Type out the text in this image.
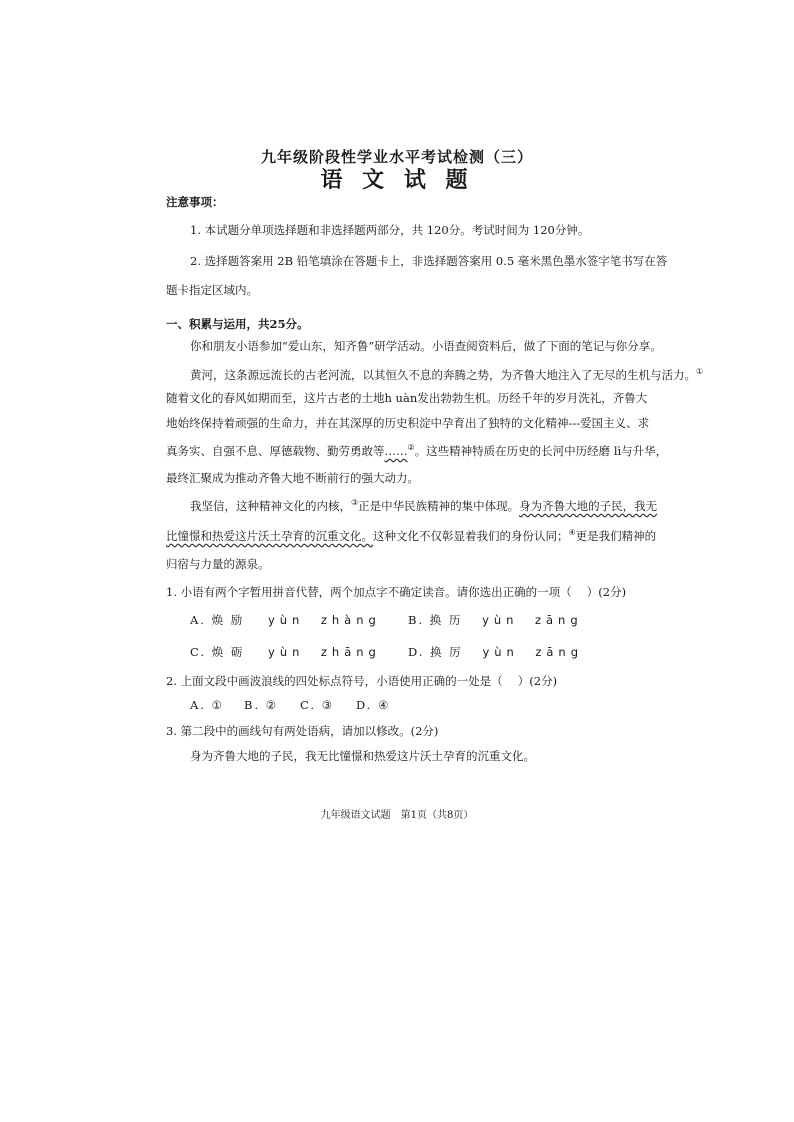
九年级阶段性学业水平考试检测（三）
语 文 试 题
注意事项：
1. 本试题分单项选择题和非选择题两部分，共 120分。考试时间为 120分钟。
2. 选择题答案用 2B 铅笔填涂在答题卡上，非选择题答案用 0.5 毫米黑色墨水签字笔书写在答
题卡指定区域内。
一、积累与运用，共25分。
你和朋友小语参加“爱山东，知齐鲁”研学活动。小语查阅资料后，做了下面的笔记与你分享。
黄河，这条源远流长的古老河流，以其恒久不息的奔腾之势，为齐鲁大地注入了无尽的生机与活力。①
随着文化的春风如期而至，这片古老的土地h uàn发出勃勃生机。历经千年的岁月洗礼，齐鲁大
地始终保持着顽强的生命力，并在其深厚的历史积淀中孕育出了独特的文化精神---爱国主义、求
真务实、自强不息、厚德载物、勤劳勇敢等……②。这些精神特质在历史的长河中历经磨 lì与升华，
最终汇聚成为推动齐鲁大地不断前行的强大动力。
我坚信，这种精神文化的内核，③正是中华民族精神的集中体现。身为齐鲁大地的子民，我无
比憧憬和热爱这片沃土孕育的沉重文化。这种文化不仅彰显着我们的身份认同；④更是我们精神的
归宿与力量的源泉。
1. 小语有两个字暂用拼音代替，两个加点字不确定读音。请你选出正确的一项（　 ）(2分)
A. 焕 励 yùn　zhàng B. 换 历 yùn　zāng
C. 焕 砺 yùn　zhāng D. 换 厉 yùn　zāng
2. 上面文段中画波浪线的四处标点符号，小语使用正确的一处是（　 ）(2分)
A. ① B. ② C. ③ D. ④
3. 第二段中的画线句有两处语病，请加以修改。(2分)
身为齐鲁大地的子民，我无比憧憬和热爱这片沃土孕育的沉重文化。
九年级语文试题　第1页（共8页）
